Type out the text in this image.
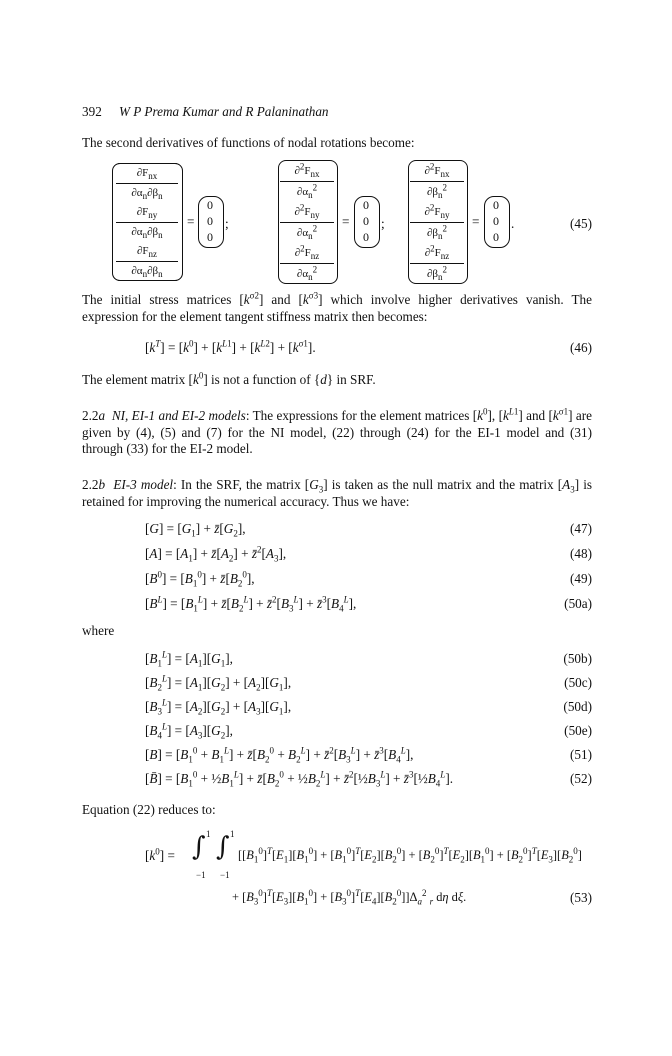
392 W P Prema Kumar and R Palaninathan
The second derivatives of functions of nodal rotations become:
$\partial F_{nx}$
$\partial\alpha_n\partial\beta_n$
$\partial F_{ny}$
$\partial\alpha_n\partial\beta_n$
$\partial F_{nz}$
$\partial\alpha_n\partial\beta_n$
=
0
0
0
;
$\partial^2F_{nx}$
$\partial\alpha_n^2$
$\partial^2F_{ny}$
$\partial\alpha_n^2$
$\partial^2F_{nz}$
$\partial\alpha_n^2$
=
0
0
0
;
$\partial^2F_{nx}$
$\partial\beta_n^2$
$\partial^2F_{ny}$
$\partial\beta_n^2$
$\partial^2F_{nz}$
$\partial\beta_n^2$
=
0
0
0
.	(45)
The initial stress matrices $[k^{\sigma 2}]$ and $[k^{\sigma 3}]$ which involve higher derivatives vanish. The expression for the element tangent stiffness matrix then becomes:
$[k^T] = [k^0] + [k^{L1}] + [k^{L2}] + [k^{\sigma 1}]$.	(46)
The element matrix $[k^0]$ is not a function of {d} in SRF.
2.2a NI, EI-1 and EI-2 models: The expressions for the element matrices $[k^0]$, $[k^{L1}]$ and $[k^{\sigma 1}]$ are given by (4), (5) and (7) for the NI model, (22) through (24) for the EI-1 model and (31) through (33) for the EI-2 model.
2.2b EI-3 model: In the SRF, the matrix $[G_3]$ is taken as the null matrix and the matrix $[A_3]$ is retained for improving the numerical accuracy. Thus we have:
$[G] = [G_1]$ + $z̄[G_2]$,	(47)
$[A] = [A_1]$ + $z̄[A_2]$ + $z̄^2[A_3]$,	(48)
$[B^0] = [B_1^0]$ + $z̄[B_2^0]$,	(49)
$[B^L] = [B_1^L]$ + $z̄[B_2^L]$ + $z̄^2[B_3^L]$ + $z̄^3[B_4^L]$,	(50a)
where
$[B_1^L] = [A_1][G_1]$,	(50b)
$[B_2^L] = [A_1][G_2] + [A_2][G_1]$,	(50c)
$[B_3^L] = [A_2][G_2] + [A_3][G_1]$,	(50d)
$[B_4^L] = [A_3][G_2]$,	(50e)
$[B] = [B_1^0 + B_1^L]$ + $z̄[B_2^0 + B_2^L]$ + $z̄^2[B_3^L]$ + $z̄^3[B_4^L]$,	(51)
[B̄] = [$B_1^0$ + $\frac{1}{2}B_1^L$] + $z̄[B_2^0$ + $\frac{1}{2}B_2^L$] + $z̄^2[\frac{1}{2}B_3^L]$ + $z̄^3[\frac{1}{2}B_4^L]$.	(52)
Equation (22) reduces to:
$[k^0]$ = ∫ 1
−1
∫ 1
−1
[$[B_1^0]^T[E_1][B_1^0] + [B_1^0]^T[E_2][B_2^0] + [B_2^0]^T[E_2][B_1^0] + [B_2^0]^T[E_3][B_2^0]$
+ $[B_3^0]^T[E_3][B_1^0] + [B_3^0]^T[E_4][B_2^0]]\Delta_a^2$ $_r$ dη dξ.	(53)
